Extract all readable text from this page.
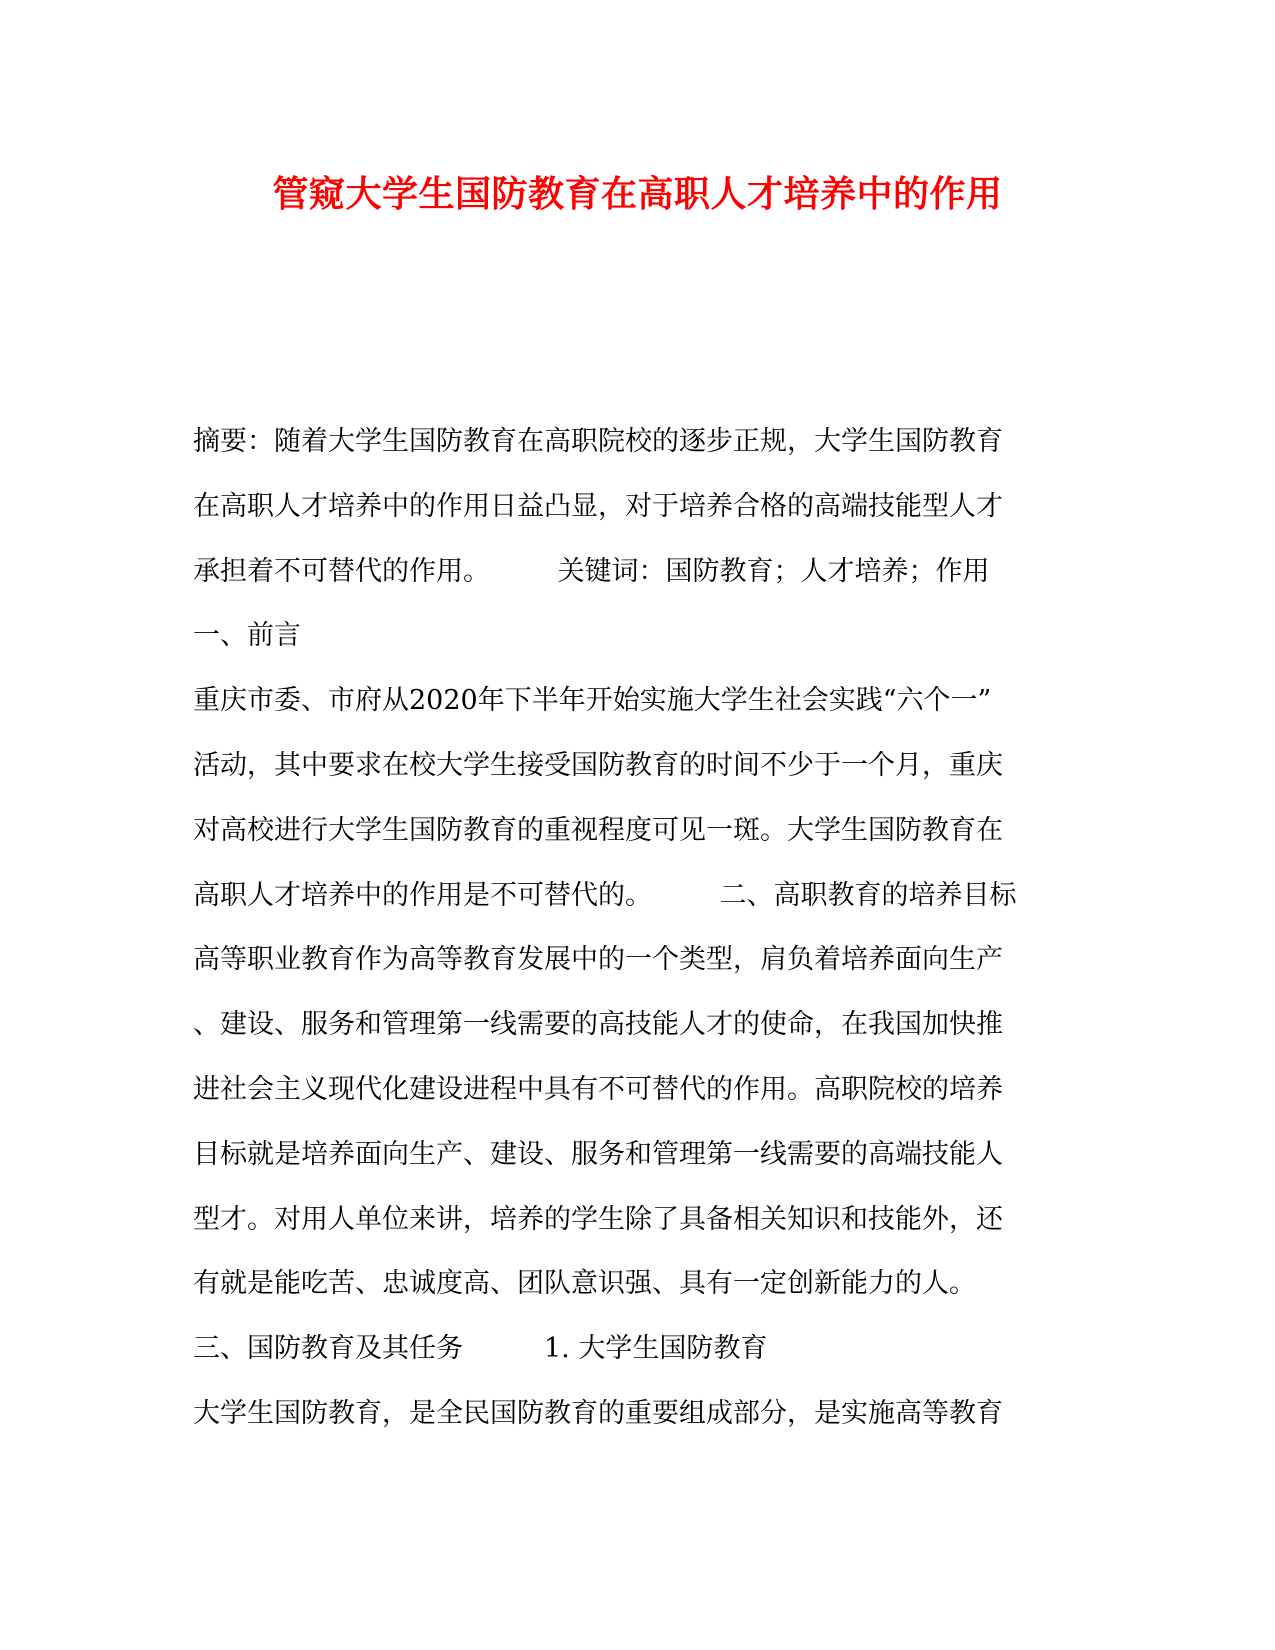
管窥大学生国防教育在高职人才培养中的作用
摘要：随着大学生国防教育在高职院校的逐步正规，大学生国防教育
在高职人才培养中的作用日益凸显，对于培养合格的高端技能型人才
承担着不可替代的作用。　　　关键词：国防教育；人才培养；作用
一、前言
重庆市委、市府从2020年下半年开始实施大学生社会实践“六个一”
活动，其中要求在校大学生接受国防教育的时间不少于一个月，重庆
对高校进行大学生国防教育的重视程度可见一斑。大学生国防教育在
高职人才培养中的作用是不可替代的。　　　二、高职教育的培养目标
高等职业教育作为高等教育发展中的一个类型，肩负着培养面向生产
、建设、服务和管理第一线需要的高技能人才的使命，在我国加快推
进社会主义现代化建设进程中具有不可替代的作用。高职院校的培养
目标就是培养面向生产、建设、服务和管理第一线需要的高端技能人
型才。对用人单位来讲，培养的学生除了具备相关知识和技能外，还
有就是能吃苦、忠诚度高、团队意识强、具有一定创新能力的人。
三、国防教育及其任务　　　1. 大学生国防教育
大学生国防教育，是全民国防教育的重要组成部分，是实施高等教育
